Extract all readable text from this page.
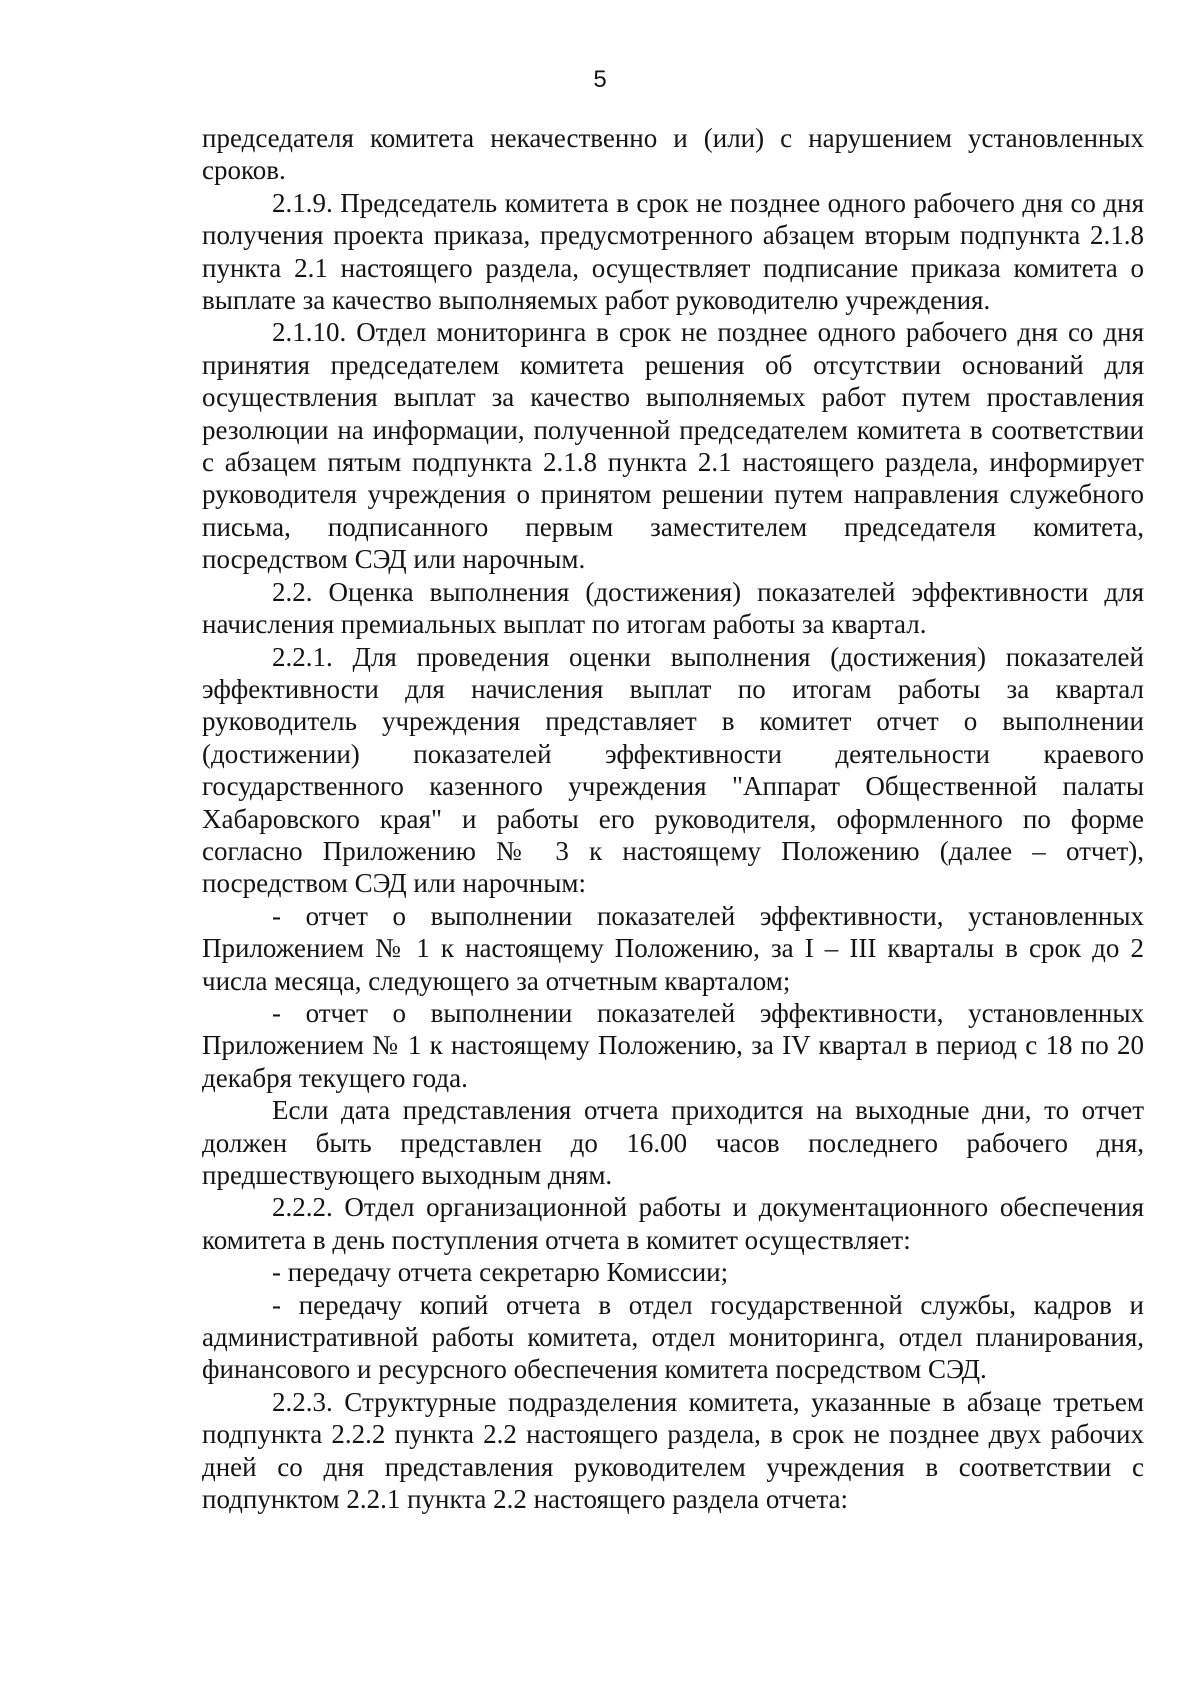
5

председателя комитета некачественно и (или) с нарушением установленных сроков.

2.1.9. Председатель комитета в срок не позднее одного рабочего дня со дня получения проекта приказа, предусмотренного абзацем вторым подпункта 2.1.8 пункта 2.1 настоящего раздела, осуществляет подписание приказа комитета о выплате за качество выполняемых работ руководителю учреждения.

2.1.10. Отдел мониторинга в срок не позднее одного рабочего дня со дня принятия председателем комитета решения об отсутствии оснований для осуществления выплат за качество выполняемых работ путем проставления резолюции на информации, полученной председателем комитета в соответствии с абзацем пятым подпункта 2.1.8 пункта 2.1 настоящего раздела, информирует руководителя учреждения о принятом решении путем направления служебного письма, подписанного первым заместителем председателя комитета, посредством СЭД или нарочным.

2.2. Оценка выполнения (достижения) показателей эффективности для начисления премиальных выплат по итогам работы за квартал.

2.2.1. Для проведения оценки выполнения (достижения) показателей эффективности для начисления выплат по итогам работы за квартал руководитель учреждения представляет в комитет отчет о выполнении (достижении) показателей эффективности деятельности краевого государственного казенного учреждения "Аппарат Общественной палаты Хабаровского края" и работы его руководителя, оформленного по форме согласно Приложению № 3 к настоящему Положению (далее – отчет), посредством СЭД или нарочным:

- отчет о выполнении показателей эффективности, установленных Приложением № 1 к настоящему Положению, за I – III кварталы в срок до 2 числа месяца, следующего за отчетным кварталом;

- отчет о выполнении показателей эффективности, установленных Приложением № 1 к настоящему Положению, за IV квартал в период с 18 по 20 декабря текущего года.

Если дата представления отчета приходится на выходные дни, то отчет должен быть представлен до 16.00 часов последнего рабочего дня, предшествующего выходным дням.

2.2.2. Отдел организационной работы и документационного обеспечения комитета в день поступления отчета в комитет осуществляет:

- передачу отчета секретарю Комиссии;

- передачу копий отчета в отдел государственной службы, кадров и административной работы комитета, отдел мониторинга, отдел планирования, финансового и ресурсного обеспечения комитета посредством СЭД.

2.2.3. Структурные подразделения комитета, указанные в абзаце третьем подпункта 2.2.2 пункта 2.2 настоящего раздела, в срок не позднее двух рабочих дней со дня представления руководителем учреждения в соответствии с подпунктом 2.2.1 пункта 2.2 настоящего раздела отчета:
